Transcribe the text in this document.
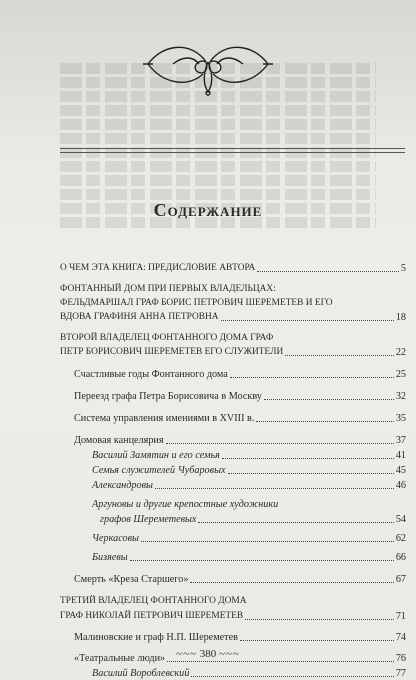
Содержание
О ЧЕМ ЭТА КНИГА: ПРЕДИСЛОВИЕ АВТОРА	5
ФОНТАННЫЙ ДОМ ПРИ ПЕРВЫХ ВЛАДЕЛЬЦАХ:
ФЕЛЬДМАРШАЛ ГРАФ БОРИС ПЕТРОВИЧ ШЕРЕМЕТЕВ И ЕГО
ВДОВА ГРАФИНЯ АННА ПЕТРОВНА	18
ВТОРОЙ ВЛАДЕЛЕЦ ФОНТАННОГО ДОМА ГРАФ
ПЕТР БОРИСОВИЧ ШЕРЕМЕТЕВ ЕГО СЛУЖИТЕЛИ	22
Счастливые годы Фонтанного дома	25
Переезд графа Петра Борисовича в Москву	32
Система управления имениями в XVIII в.	35
Домовая канцелярия	37
Василий Замятин и его семья	41
Семья служителей Чубаровых	45
Александровы	46
Аргуновы и другие крепостные художники
графов Шереметевых	54
Черкасовы	62
Бизяевы	66
Смерть «Креза Старшего»	67
ТРЕТИЙ ВЛАДЕЛЕЦ ФОНТАННОГО ДОМА
ГРАФ НИКОЛАЙ ПЕТРОВИЧ ШЕРЕМЕТЕВ	71
Малиновские и граф Н.П. Шереметев	74
«Театральные люди»	76
Василий Вороблевский	77
~~~ 380 ~~~
